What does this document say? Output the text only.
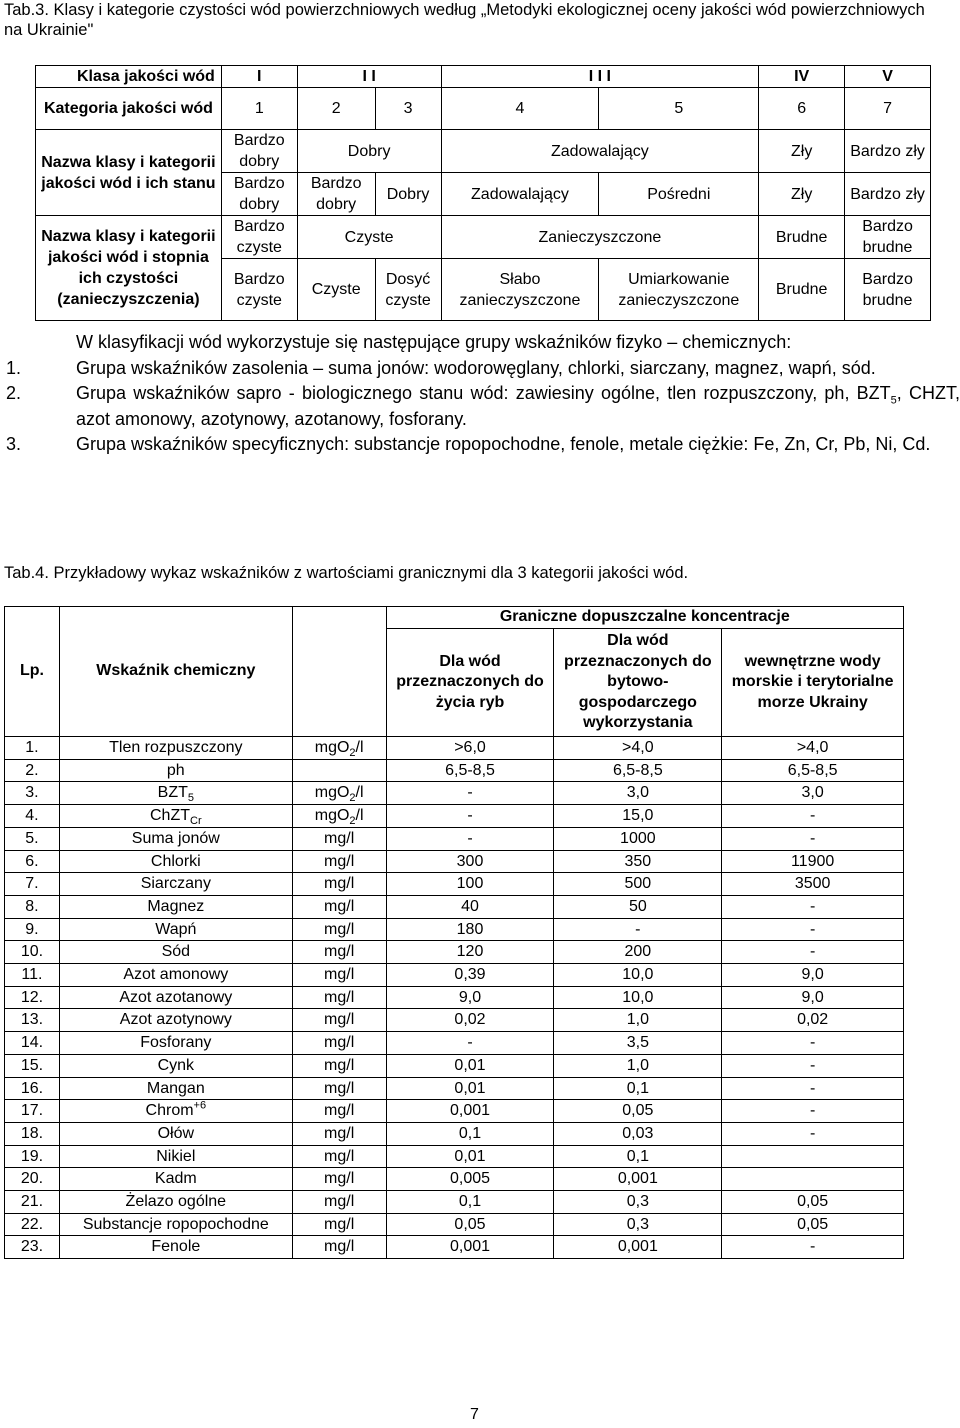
Tab.3. Klasy i kategorie czystości wód powierzchniowych według „Metodyki ekologicznej oceny jakości wód powierzchniowych na Ukrainie"

Klasa jakości wód	I	I I		I I I		IV	V
Kategoria jakości wód	1	2	3	4	5	6	7
Nazwa klasy i kategorii jakości wód i ich stanu	Bardzo dobry	Dobry		Zadowalający		Zły	Bardzo zły
	Bardzo dobry	Bardzo dobry	Dobry	Zadowalający	Pośredni	Zły	Bardzo zły
Nazwa klasy i kategorii jakości wód i stopnia ich czystości (zanieczyszczenia)	Bardzo czyste	Czyste		Zanieczyszczone		Brudne	Bardzo brudne
	Bardzo czyste	Czyste	Dosyć czyste	Słabo zanieczyszczone	Umiarkowanie zanieczyszczone	Brudne	Bardzo brudne

W klasyfikacji wód wykorzystuje się następujące grupy wskaźników fizyko – chemicznych:

1.	Grupa wskaźników zasolenia – suma jonów: wodorowęglany, chlorki, siarczany, magnez, wapń, sód.
2.	Grupa wskaźników sapro - biologicznego stanu wód: zawiesiny ogólne, tlen rozpuszczony, ph, $BZT_5$, CHZT, azot amonowy, azotynowy, azotanowy, fosforany.
3.	Grupa wskaźników specyficznych: substancje ropopochodne, fenole, metale ciężkie: Fe, Zn, Cr, Pb, Ni, Cd.

Tab.4. Przykładowy wykaz wskaźników z wartościami granicznymi dla 3 kategorii jakości wód.

Lp.	Wskaźnik chemiczny		Graniczne dopuszczalne koncentracje		
			Dla wód przeznaczonych do życia ryb	Dla wód przeznaczonych do bytowo-gospodarczego wykorzystania	wewnętrzne wody morskie i terytorialne morze Ukrainy
1.	Tlen rozpuszczony	mgO$_2$/l	>6,0	>4,0	>4,0
2.	ph		6,5-8,5	6,5-8,5	6,5-8,5
3.	$BZT_5$	mgO$_2$/l	-	3,0	3,0
4.	ChZT$_{Cr}$	mgO$_2$/l	-	15,0	-
5.	Suma jonów	mg/l	-	1000	-
6.	Chlorki	mg/l	300	350	11900
7.	Siarczany	mg/l	100	500	3500
8.	Magnez	mg/l	40	50	-
9.	Wapń	mg/l	180	-	-
10.	Sód	mg/l	120	200	-
11.	Azot amonowy	mg/l	0,39	10,0	9,0
12.	Azot azotanowy	mg/l	9,0	10,0	9,0
13.	Azot azotynowy	mg/l	0,02	1,0	0,02
14.	Fosforany	mg/l	-	3,5	-
15.	Cynk	mg/l	0,01	1,0	-
16.	Mangan	mg/l	0,01	0,1	-
17.	Chrom$^{+6}$	mg/l	0,001	0,05	-
18.	Ołów	mg/l	0,1	0,03	-
19.	Nikiel	mg/l	0,01	0,1	
20.	Kadm	mg/l	0,005	0,001	
21.	Żelazo ogólne	mg/l	0,1	0,3	0,05
22.	Substancje ropopochodne	mg/l	0,05	0,3	0,05
23.	Fenole	mg/l	0,001	0,001	-
7
